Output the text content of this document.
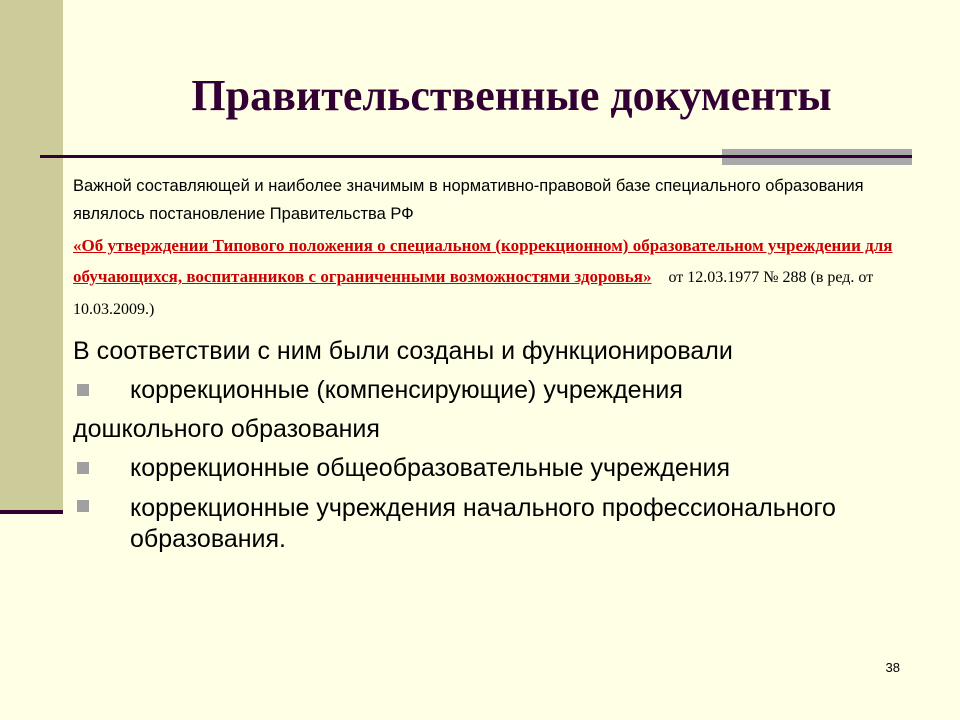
Правительственные документы

Важной составляющей и наиболее значимым в нормативно-правовой базе специального образования являлось постановление Правительства РФ

«Об утверждении Типового положения о специальном (коррекционном) образовательном учреждении для обучающихся, воспитанников с ограниченными возможностями здоровья» от 12.03.1977 № 288 (в ред. от 10.03.2009.)

В соответствии с ним были созданы и функционировали

коррекционные (компенсирующие) учреждения
дошкольного образования
коррекционные общеобразовательные учреждения
коррекционные учреждения начального профессионального образования.
38
